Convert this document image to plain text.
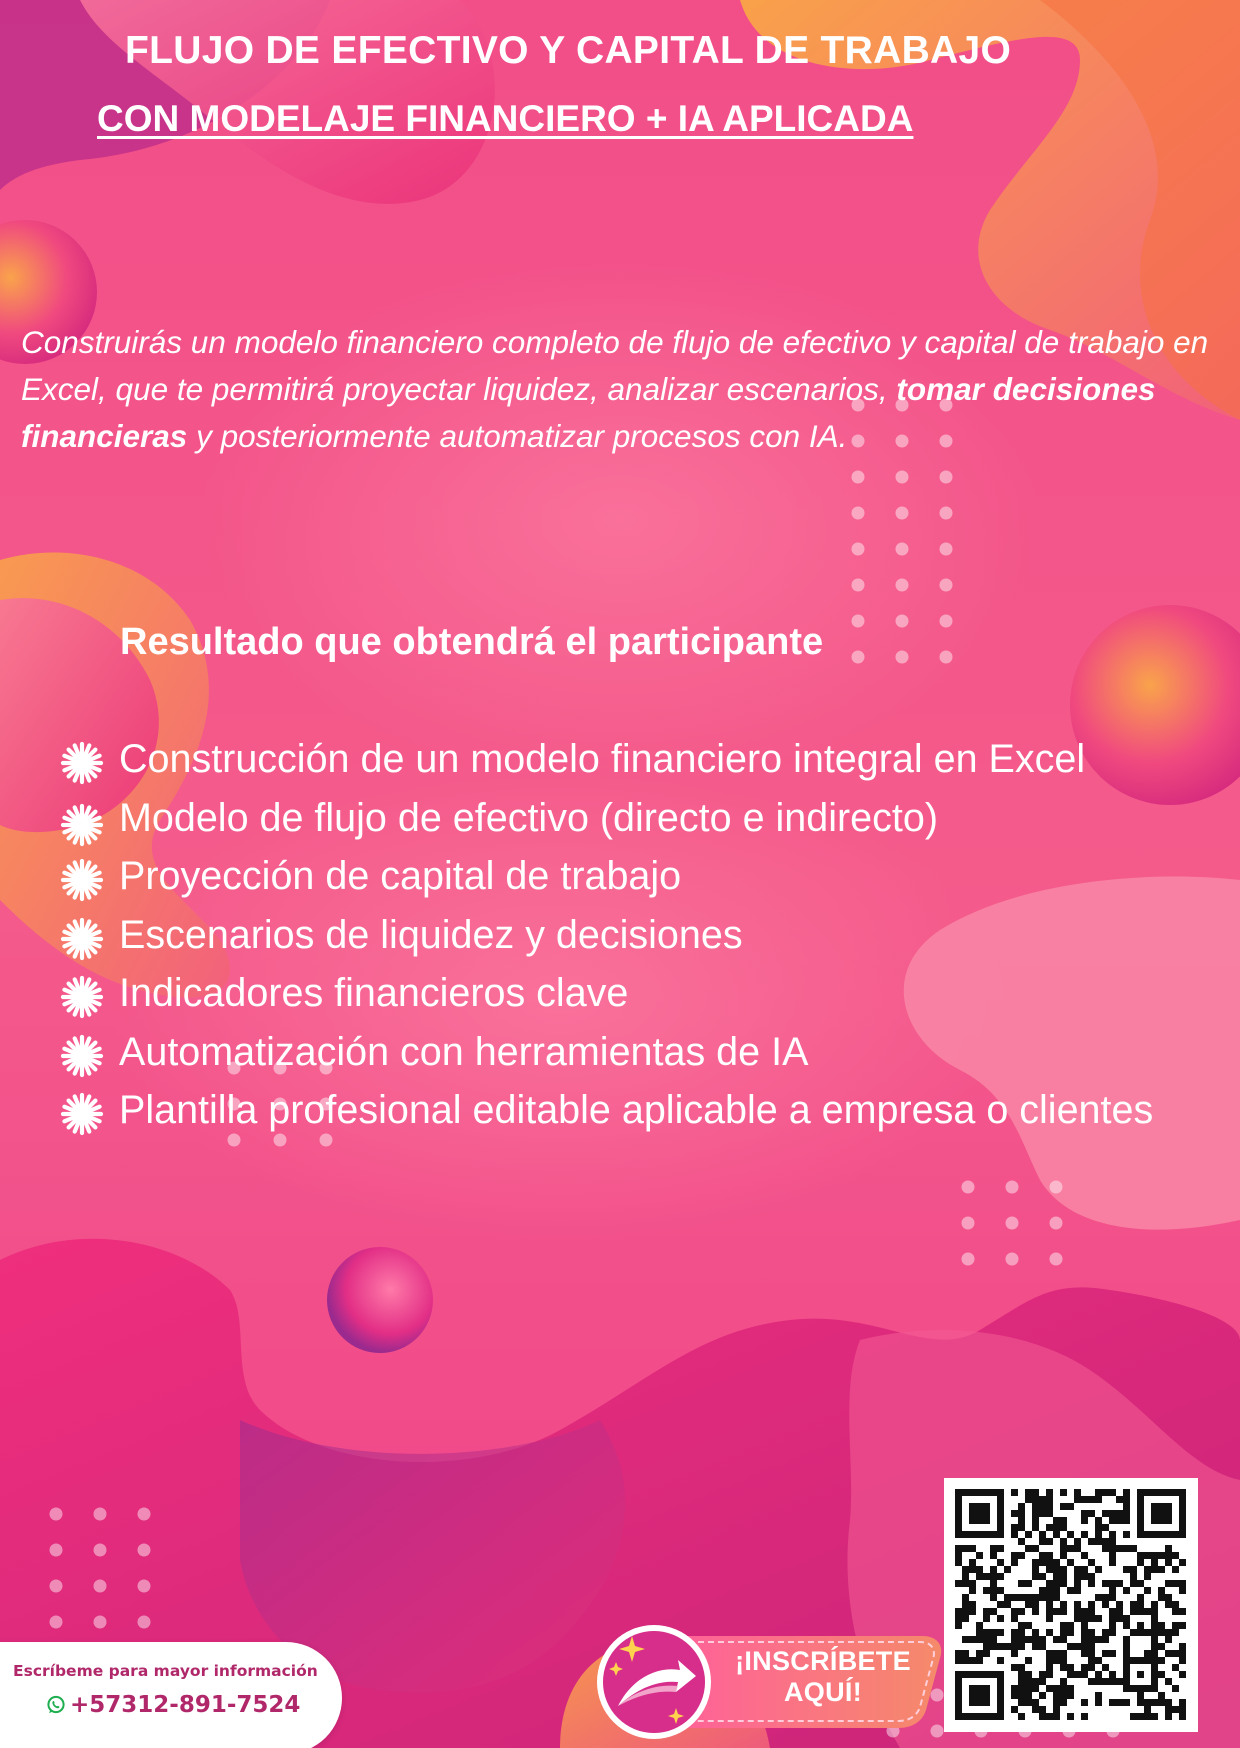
FLUJO DE EFECTIVO Y CAPITAL DE TRABAJO
CON MODELAJE FINANCIERO + IA APLICADA

Construirás un modelo financiero completo de flujo de efectivo y capital de trabajo en Excel, que te permitirá proyectar liquidez, analizar escenarios, tomar decisiones financieras y posteriormente automatizar procesos con IA.

Resultado que obtendrá el participante
Construcción de un modelo financiero integral en Excel
Modelo de flujo de efectivo (directo e indirecto)
Proyección de capital de trabajo
Escenarios de liquidez y decisiones
Indicadores financieros clave
Automatización con herramientas de IA
Plantilla profesional editable aplicable a empresa o clientes
Escríbeme para mayor información
+57312-891-7524
¡INSCRÍBETE
AQUÍ!
